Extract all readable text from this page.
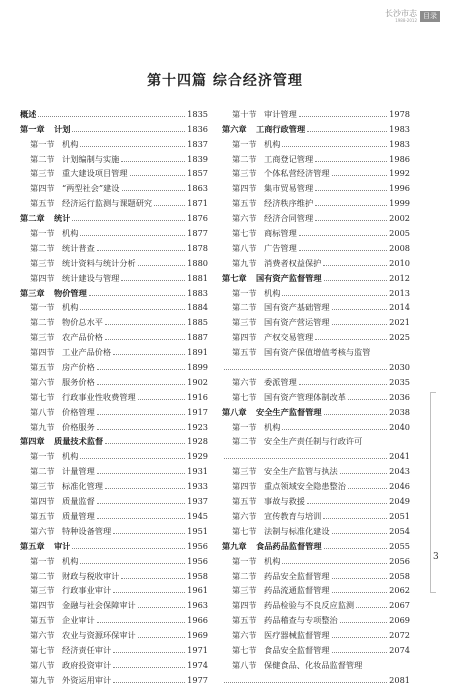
长沙市志
1988-2012
目录
第十四篇 综合经济管理
概述	1835
第一章 计划	1836
第一节 机构	1837
第二节 计划编制与实施	1839
第三节 重大建设项目管理	1857
第四节 “两型社会”建设	1863
第五节 经济运行监测与课题研究	1871
第二章 统计	1876
第一节 机构	1877
第二节 统计普查	1878
第三节 统计资料与统计分析	1880
第四节 统计建设与管理	1881
第三章 物价管理	1883
第一节 机构	1884
第二节 物价总水平	1885
第三节 农产品价格	1887
第四节 工业产品价格	1891
第五节 房产价格	1899
第六节 服务价格	1902
第七节 行政事业性收费管理	1916
第八节 价格管理	1917
第九节 价格服务	1923
第四章 质量技术监督	1928
第一节 机构	1929
第二节 计量管理	1931
第三节 标准化管理	1933
第四节 质量监督	1937
第五节 质量管理	1945
第六节 特种设备管理	1951
第五章 审计	1956
第一节 机构	1956
第二节 财政与税收审计	1958
第三节 行政事业审计	1961
第四节 金融与社会保障审计	1963
第五节 企业审计	1966
第六节 农业与资源环保审计	1969
第七节 经济责任审计	1971
第八节 政府投资审计	1974
第九节 外资运用审计	1977
第十节 审计管理	1978
第六章 工商行政管理	1983
第一节 机构	1983
第二节 工商登记管理	1986
第三节 个体私营经济管理	1992
第四节 集市贸易管理	1996
第五节 经济秩序维护	1999
第六节 经济合同管理	2002
第七节 商标管理	2005
第八节 广告管理	2008
第九节 消费者权益保护	2010
第七章 国有资产监督管理	2012
第一节 机构	2013
第二节 国有资产基础管理	2014
第三节 国有资产营运管理	2021
第四节 产权交易管理	2025
第五节 国有资产保值增值考核与监管
2030
第六节 委派管理	2035
第七节 国有资产管理体制改革	2036
第八章 安全生产监督管理	2038
第一节 机构	2040
第二节 安全生产责任制与行政许可
2041
第三节 安全生产监管与执法	2043
第四节 重点领域安全隐患整治	2046
第五节 事故与救援	2049
第六节 宣传教育与培训	2051
第七节 法制与标准化建设	2054
第九章 食品药品监督管理	2055
第一节 机构	2056
第二节 药品安全监督管理	2058
第三节 药品流通监督管理	2062
第四节 药品检验与不良反应监测	2067
第五节 药品稽查与专项整治	2069
第六节 医疗器械监督管理	2072
第七节 食品安全监督管理	2074
第八节 保健食品、化妆品监督管理
2081
3
